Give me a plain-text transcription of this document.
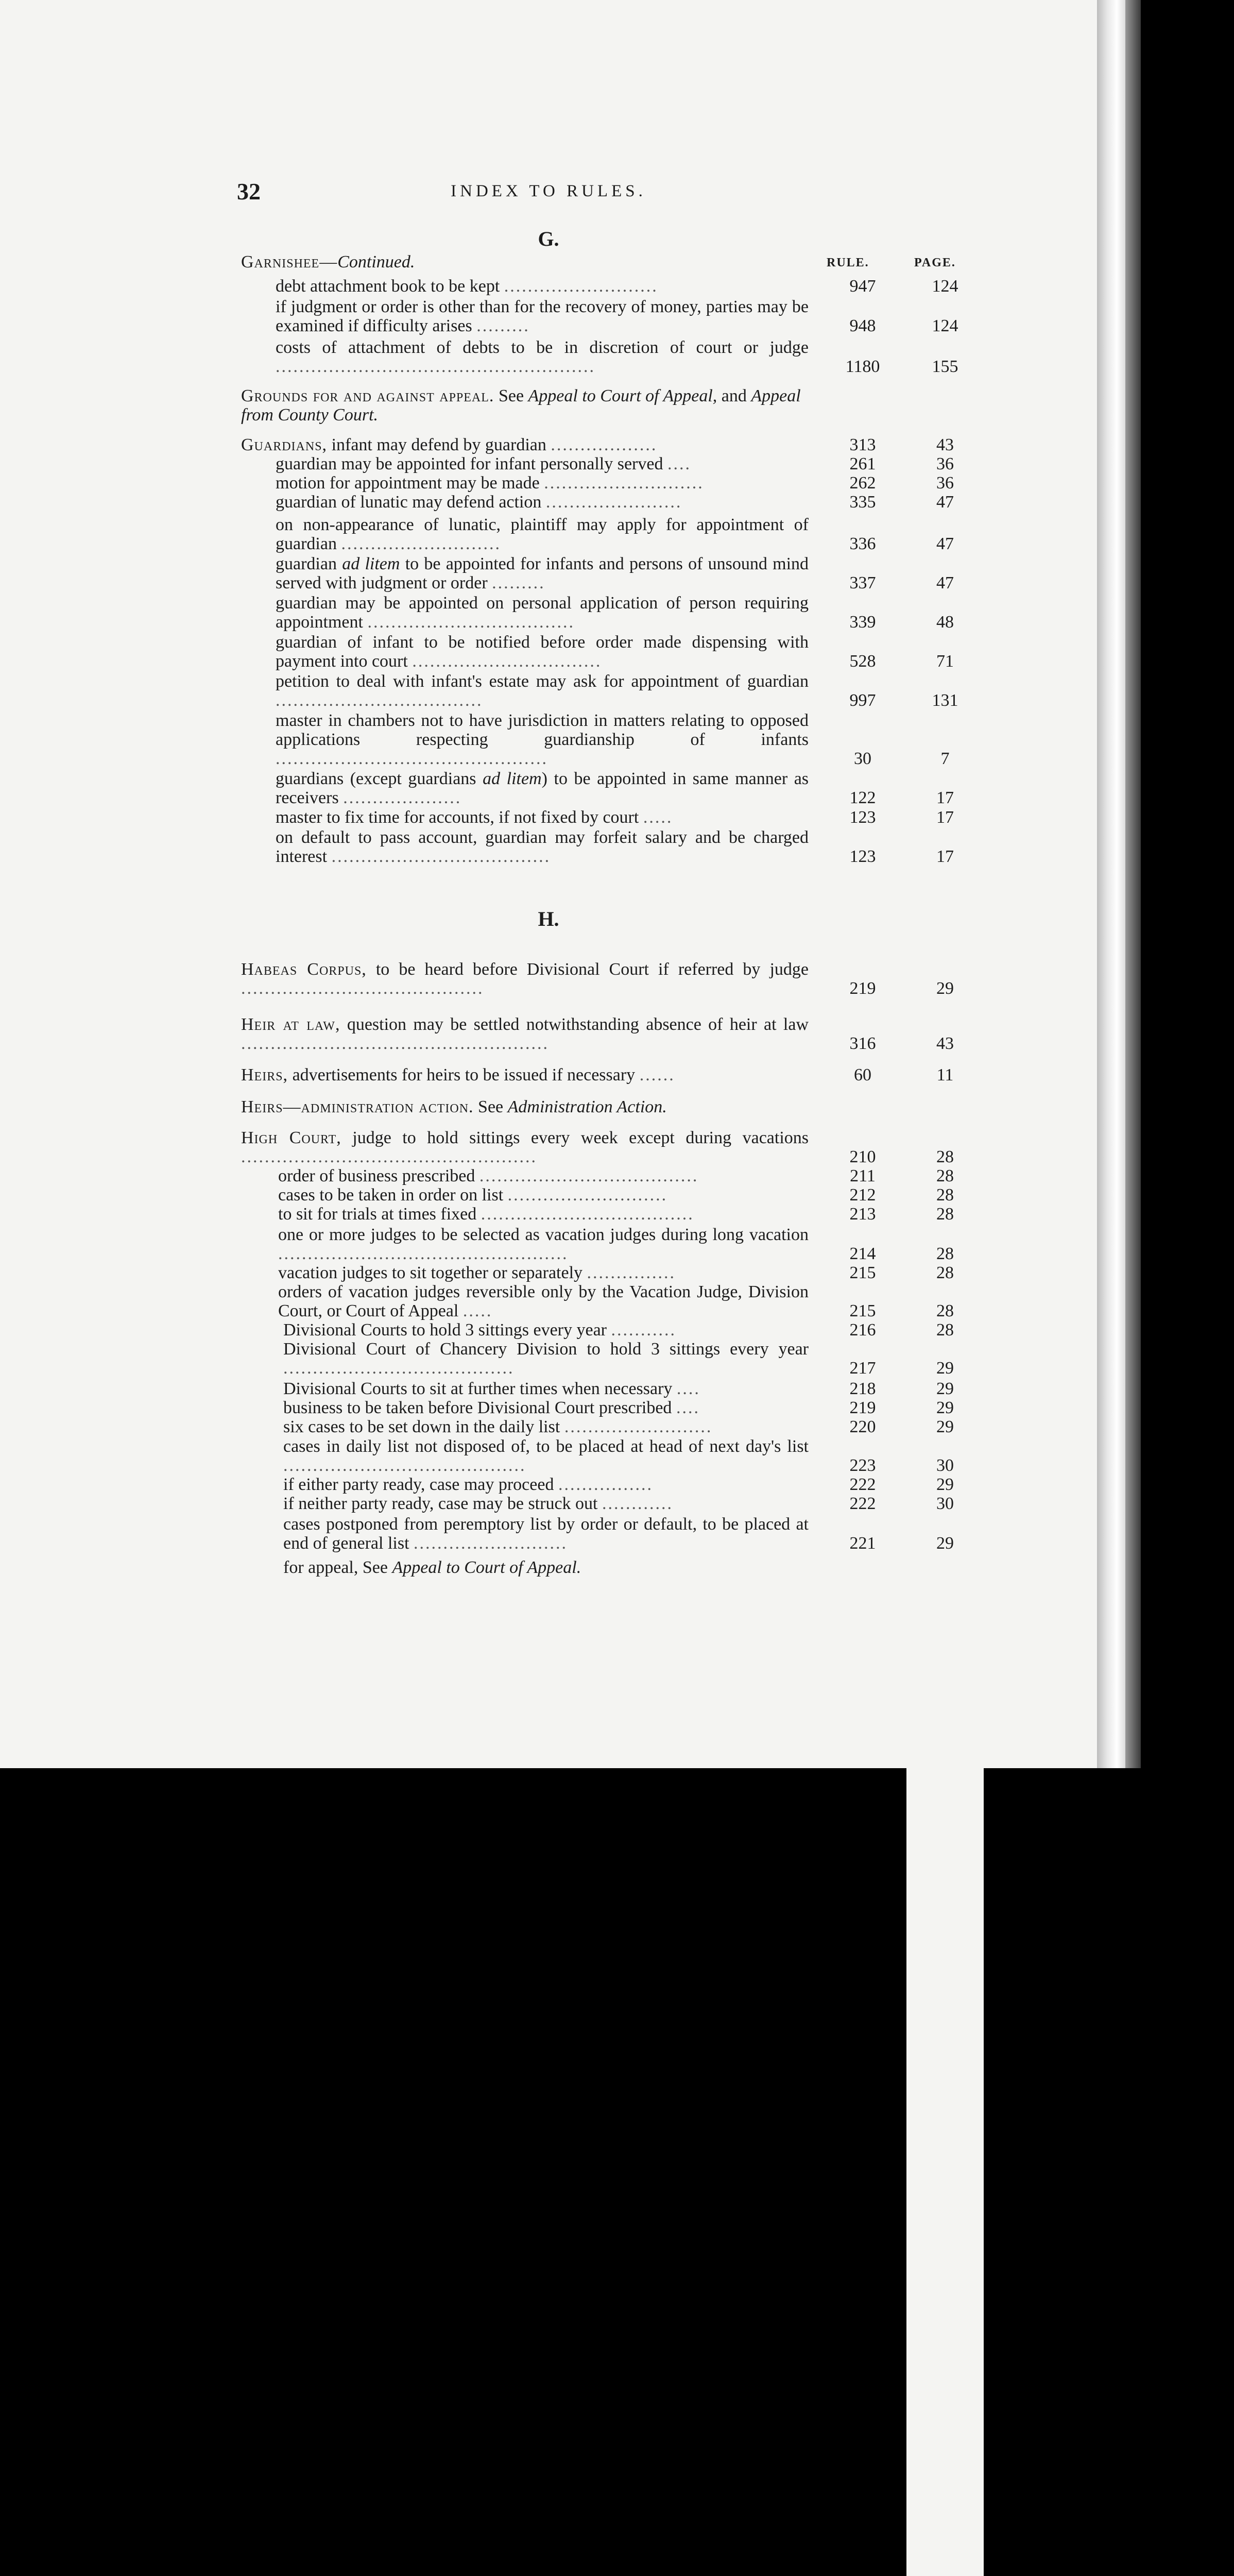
32	INDEX TO RULES.
G.
Garnishee—Continued.	RULE.	PAGE.
debt attachment book to be kept ..........................	947	124
if judgment or order is other than for the recovery of money, parties may be examined if difficulty arises .........	948	124
costs of attachment of debts to be in discretion of court or judge ......................................................	1180	155
Grounds for and against appeal. See Appeal to Court of Appeal, and Appeal from County Court.
Guardians, infant may defend by guardian ..................	313	43
guardian may be appointed for infant personally served ....	261	36
motion for appointment may be made ...........................	262	36
guardian of lunatic may defend action .......................	335	47
on non-appearance of lunatic, plaintiff may apply for appointment of guardian ...........................	336	47
guardian ad litem to be appointed for infants and persons of unsound mind served with judgment or order .........	337	47
guardian may be appointed on personal application of person requiring appointment ...................................	339	48
guardian of infant to be notified before order made dispensing with payment into court ................................	528	71
petition to deal with infant's estate may ask for appointment of guardian ...................................	997	131
master in chambers not to have jurisdiction in matters relating to opposed applications respecting guardianship of infants ..............................................	30	7
guardians (except guardians ad litem) to be appointed in same manner as receivers ....................	122	17
master to fix time for accounts, if not fixed by court .....	123	17
on default to pass account, guardian may forfeit salary and be charged interest .....................................	123	17
H.
Habeas Corpus, to be heard before Divisional Court if referred by judge .........................................	219	29
Heir at law, question may be settled notwithstanding absence of heir at law ....................................................	316	43
Heirs, advertisements for heirs to be issued if necessary ......	60	11
Heirs—administration action. See Administration Action.
High Court, judge to hold sittings every week except during vacations ..................................................	210	28
order of business prescribed .....................................	211	28
cases to be taken in order on list ...........................	212	28
to sit for trials at times fixed ....................................	213	28
one or more judges to be selected as vacation judges during long vacation .................................................	214	28
vacation judges to sit together or separately ...............	215	28
orders of vacation judges reversible only by the Vacation Judge, Division Court, or Court of Appeal .....	215	28
Divisional Courts to hold 3 sittings every year ...........	216	28
Divisional Court of Chancery Division to hold 3 sittings every year .......................................	217	29
Divisional Courts to sit at further times when necessary ....	218	29
business to be taken before Divisional Court prescribed ....	219	29
six cases to be set down in the daily list .........................	220	29
cases in daily list not disposed of, to be placed at head of next day's list .........................................	223	30
if either party ready, case may proceed ................	222	29
if neither party ready, case may be struck out ............	222	30
cases postponed from peremptory list by order or default, to be placed at end of general list ..........................	221	29
for appeal, See Appeal to Court of Appeal.
